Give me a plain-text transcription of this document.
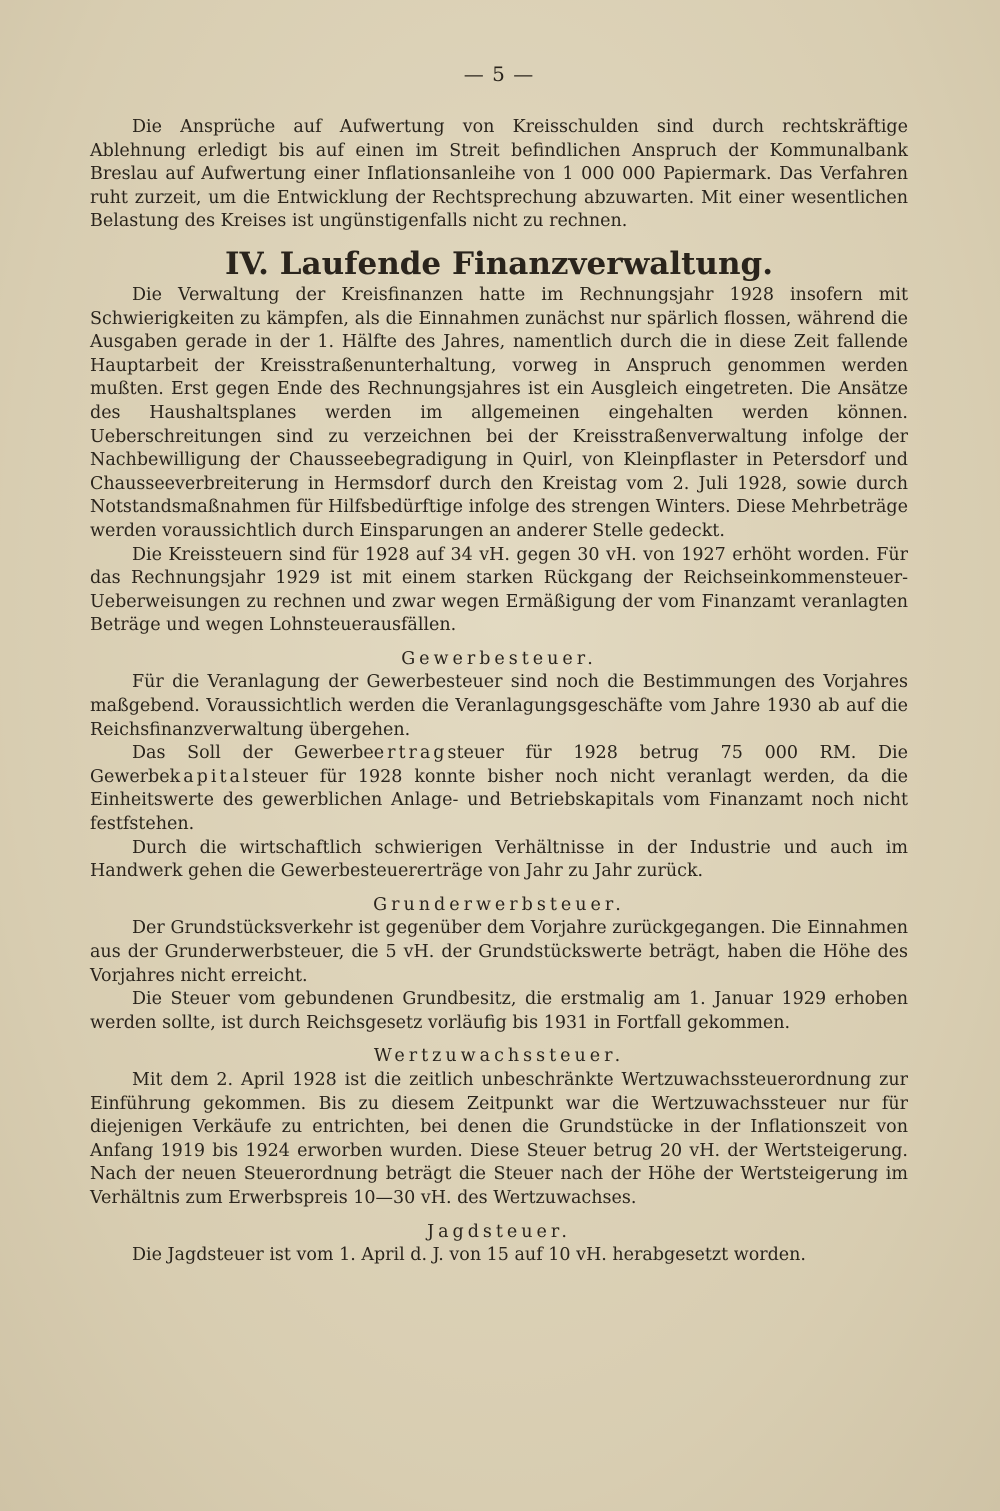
— 5 —

Die Ansprüche auf Aufwertung von Kreisschulden sind durch rechtskräftige Ablehnung erledigt bis auf einen im Streit befindlichen Anspruch der Kommunalbank Breslau auf Aufwertung einer Inflationsanleihe von 1 000 000 Papiermark. Das Verfahren ruht zurzeit, um die Entwicklung der Rechtsprechung abzuwarten. Mit einer wesentlichen Belastung des Kreises ist ungünstigenfalls nicht zu rechnen.

IV. Laufende Finanzverwaltung.

Die Verwaltung der Kreisfinanzen hatte im Rechnungsjahr 1928 insofern mit Schwierigkeiten zu kämpfen, als die Einnahmen zunächst nur spärlich flossen, während die Ausgaben gerade in der 1. Hälfte des Jahres, namentlich durch die in diese Zeit fallende Hauptarbeit der Kreisstraßenunterhaltung, vorweg in Anspruch genommen werden mußten. Erst gegen Ende des Rechnungsjahres ist ein Ausgleich eingetreten. Die Ansätze des Haushaltsplanes werden im allgemeinen eingehalten werden können. Ueberschreitungen sind zu verzeichnen bei der Kreisstraßenverwaltung infolge der Nachbewilligung der Chausseebegradigung in Quirl, von Kleinpflaster in Petersdorf und Chausseeverbreiterung in Hermsdorf durch den Kreistag vom 2. Juli 1928, sowie durch Notstandsmaßnahmen für Hilfsbedürftige infolge des strengen Winters. Diese Mehrbeträge werden voraussichtlich durch Einsparungen an anderer Stelle gedeckt.

Die Kreissteuern sind für 1928 auf 34 vH. gegen 30 vH. von 1927 erhöht worden. Für das Rechnungsjahr 1929 ist mit einem starken Rückgang der Reichseinkommensteuer-Ueberweisungen zu rechnen und zwar wegen Ermäßigung der vom Finanzamt veranlagten Beträge und wegen Lohnsteuerausfällen.

Gewerbesteuer.

Für die Veranlagung der Gewerbesteuer sind noch die Bestimmungen des Vorjahres maßgebend. Voraussichtlich werden die Veranlagungsgeschäfte vom Jahre 1930 ab auf die Reichsfinanzverwaltung übergehen.

Das Soll der Gewerbeertragsteuer für 1928 betrug 75 000 RM. Die Gewerbekapitalsteuer für 1928 konnte bisher noch nicht veranlagt werden, da die Einheitswerte des gewerblichen Anlage- und Betriebskapitals vom Finanzamt noch nicht festfstehen.

Durch die wirtschaftlich schwierigen Verhältnisse in der Industrie und auch im Handwerk gehen die Gewerbesteuererträge von Jahr zu Jahr zurück.

Grunderwerbsteuer.

Der Grundstücksverkehr ist gegenüber dem Vorjahre zurückgegangen. Die Einnahmen aus der Grunderwerbsteuer, die 5 vH. der Grundstückswerte beträgt, haben die Höhe des Vorjahres nicht erreicht.

Die Steuer vom gebundenen Grundbesitz, die erstmalig am 1. Januar 1929 erhoben werden sollte, ist durch Reichsgesetz vorläufig bis 1931 in Fortfall gekommen.

Wertzuwachssteuer.

Mit dem 2. April 1928 ist die zeitlich unbeschränkte Wertzuwachssteuerordnung zur Einführung gekommen. Bis zu diesem Zeitpunkt war die Wertzuwachssteuer nur für diejenigen Verkäufe zu entrichten, bei denen die Grundstücke in der Inflationszeit von Anfang 1919 bis 1924 erworben wurden. Diese Steuer betrug 20 vH. der Wertsteigerung. Nach der neuen Steuerordnung beträgt die Steuer nach der Höhe der Wertsteigerung im Verhältnis zum Erwerbspreis 10—30 vH. des Wertzuwachses.

Jagdsteuer.

Die Jagdsteuer ist vom 1. April d. J. von 15 auf 10 vH. herabgesetzt worden.
